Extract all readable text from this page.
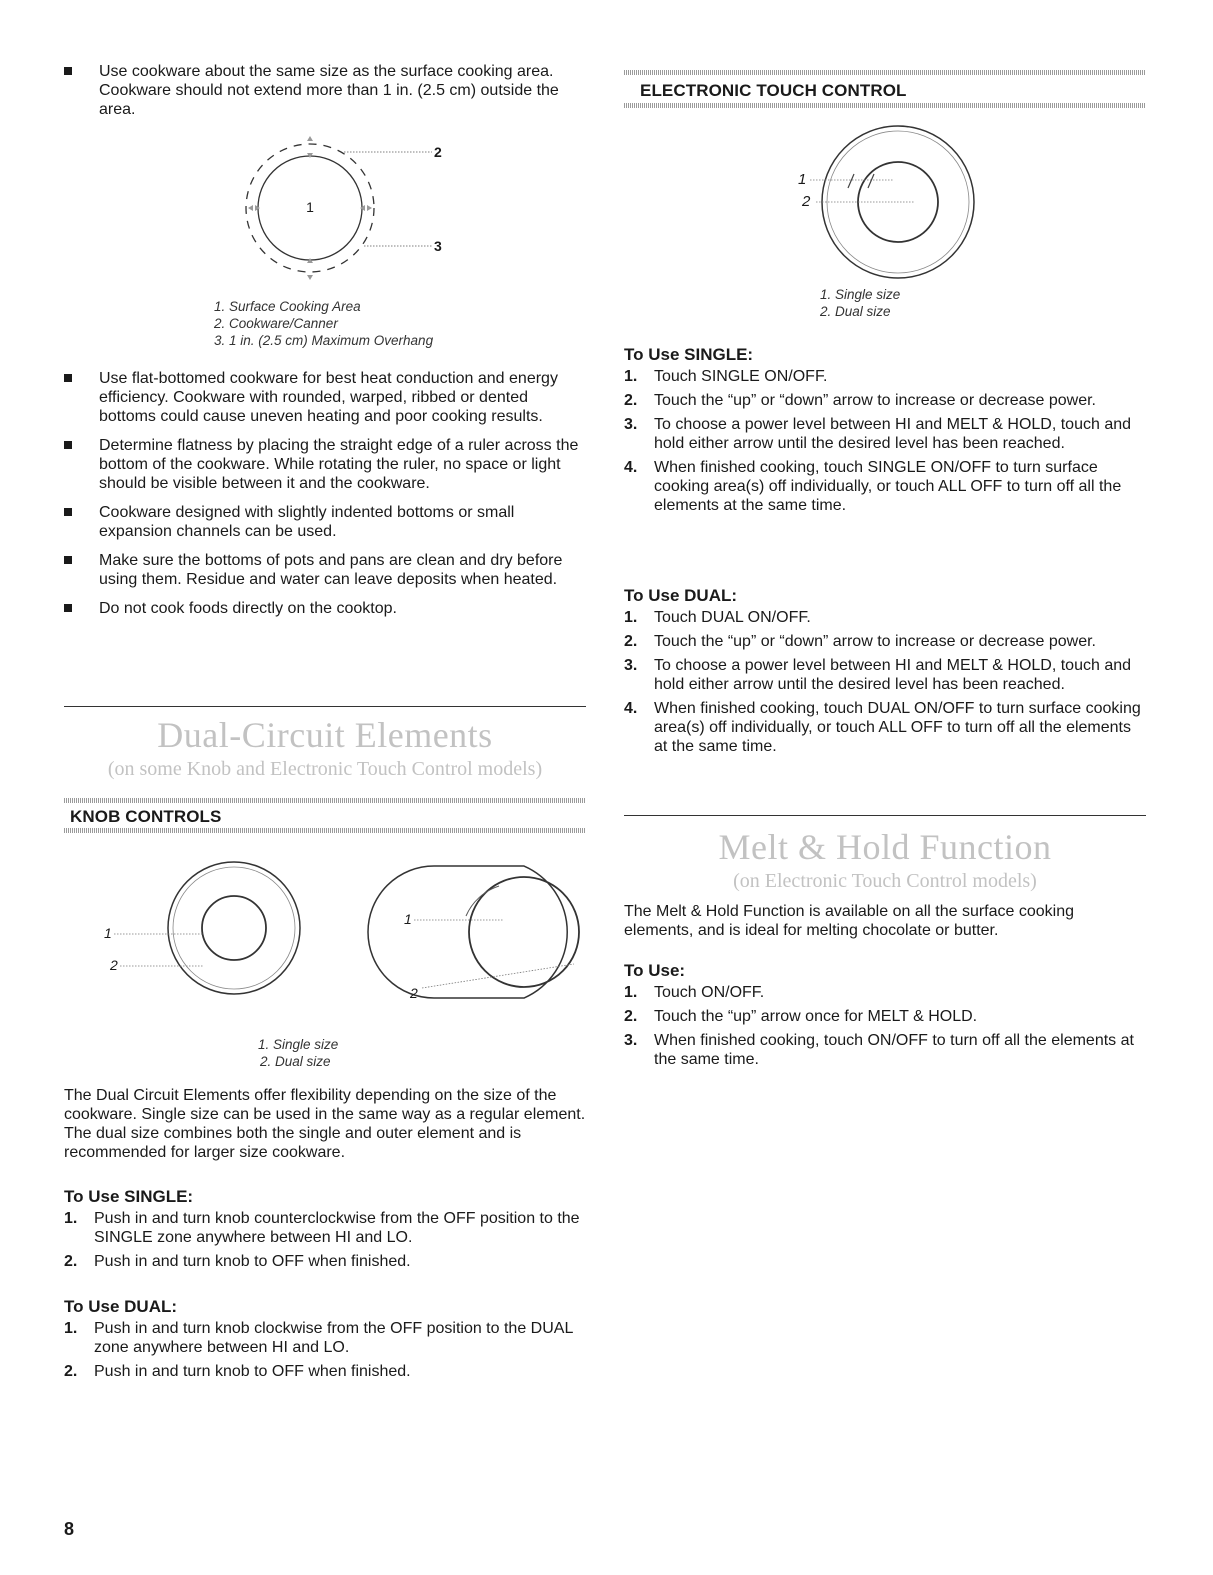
Use cookware about the same size as the surface cooking area. Cookware should not extend more than 1 in. (2.5 cm) outside the area.
1
2
3
1. Surface Cooking Area
2. Cookware/Canner
3. 1 in. (2.5 cm) Maximum Overhang
Use flat-bottomed cookware for best heat conduction and energy efficiency. Cookware with rounded, warped, ribbed or dented bottoms could cause uneven heating and poor cooking results.
Determine flatness by placing the straight edge of a ruler across the bottom of the cookware. While rotating the ruler, no space or light should be visible between it and the cookware.
Cookware designed with slightly indented bottoms or small expansion channels can be used.
Make sure the bottoms of pots and pans are clean and dry before using them. Residue and water can leave deposits when heated.
Do not cook foods directly on the cooktop.
Dual-Circuit Elements
(on some Knob and Electronic Touch Control models)
KNOB CONTROLS
1
2
1
2
1. Single size
2. Dual size
The Dual Circuit Elements offer flexibility depending on the size of the cookware. Single size can be used in the same way as a regular element. The dual size combines both the single and outer element and is recommended for larger size cookware.
To Use SINGLE:
1. Push in and turn knob counterclockwise from the OFF position to the SINGLE zone anywhere between HI and LO.
2. Push in and turn knob to OFF when finished.
To Use DUAL:
1. Push in and turn knob clockwise from the OFF position to the DUAL zone anywhere between HI and LO.
2. Push in and turn knob to OFF when finished.
ELECTRONIC TOUCH CONTROL
1
2
1. Single size
2. Dual size
To Use SINGLE:
1. Touch SINGLE ON/OFF.
2. Touch the “up” or “down” arrow to increase or decrease power.
3. To choose a power level between HI and MELT & HOLD, touch and hold either arrow until the desired level has been reached.
4. When finished cooking, touch SINGLE ON/OFF to turn surface cooking area(s) off individually, or touch ALL OFF to turn off all the elements at the same time.
To Use DUAL:
1. Touch DUAL ON/OFF.
2. Touch the “up” or “down” arrow to increase or decrease power.
3. To choose a power level between HI and MELT & HOLD, touch and hold either arrow until the desired level has been reached.
4. When finished cooking, touch DUAL ON/OFF to turn surface cooking area(s) off individually, or touch ALL OFF to turn off all the elements at the same time.
Melt & Hold Function
(on Electronic Touch Control models)
The Melt & Hold Function is available on all the surface cooking elements, and is ideal for melting chocolate or butter.
To Use:
1. Touch ON/OFF.
2. Touch the “up” arrow once for MELT & HOLD.
3. When finished cooking, touch ON/OFF to turn off all the elements at the same time.
8
